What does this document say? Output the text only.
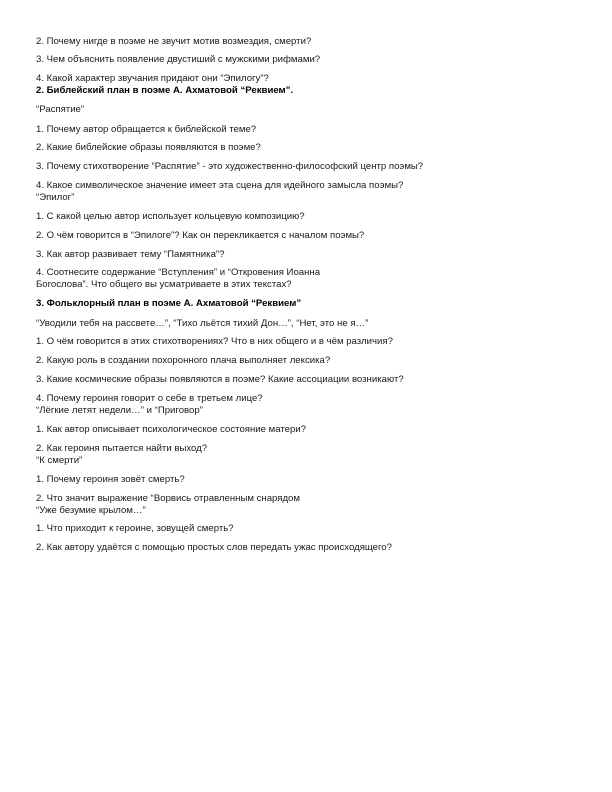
2. Почему нигде в поэме не звучит мотив возмездия, смерти?

3. Чем объяснить появление двустиший с мужскими рифмами?

4. Какой характер звучания придают они “Эпилогу”?

2. Библейский план в поэме А. Ахматовой “Реквием”.

“Распятие”

1. Почему автор обращается к библейской теме?

2. Какие библейские образы появляются в поэме?

3. Почему стихотворение “Распятие” - это художественно-философский центр поэмы?

4. Какое символическое значение имеет эта сцена для идейного замысла поэмы?

“Эпилог”

1. С какой целью автор использует кольцевую композицию?

2. О чём говорится в “Эпилоге”? Как он перекликается с началом поэмы?

3. Как автор развивает тему “Памятника”?

4. Соотнесите содержание “Вступления” и “Откровения Иоанна

Богослова”. Что общего вы усматриваете в этих текстах?

3. Фольклорный план в поэме А. Ахматовой “Реквием”

“Уводили тебя на рассвете…”, “Тихо льётся тихий Дон…”, “Нет, это не я…”

1. О чём говорится в этих стихотворениях? Что в них общего и в чём различия?

2. Какую роль в создании похоронного плача выполняет лексика?

3. Какие космические образы появляются в поэме? Какие ассоциации возникают?

4. Почему героиня говорит о себе в третьем лице?

“Лёгкие летят недели…” и “Приговор”

1. Как автор описывает психологическое состояние матери?

2. Как героиня пытается найти выход?

“К смерти”

1. Почему героиня зовёт смерть?

2. Что значит выражение “Ворвись отравленным снарядом

“Уже безумие крылом…”

1. Что приходит к героине, зовущей смерть?

2. Как автору удаётся с помощью простых слов передать ужас происходящего?
